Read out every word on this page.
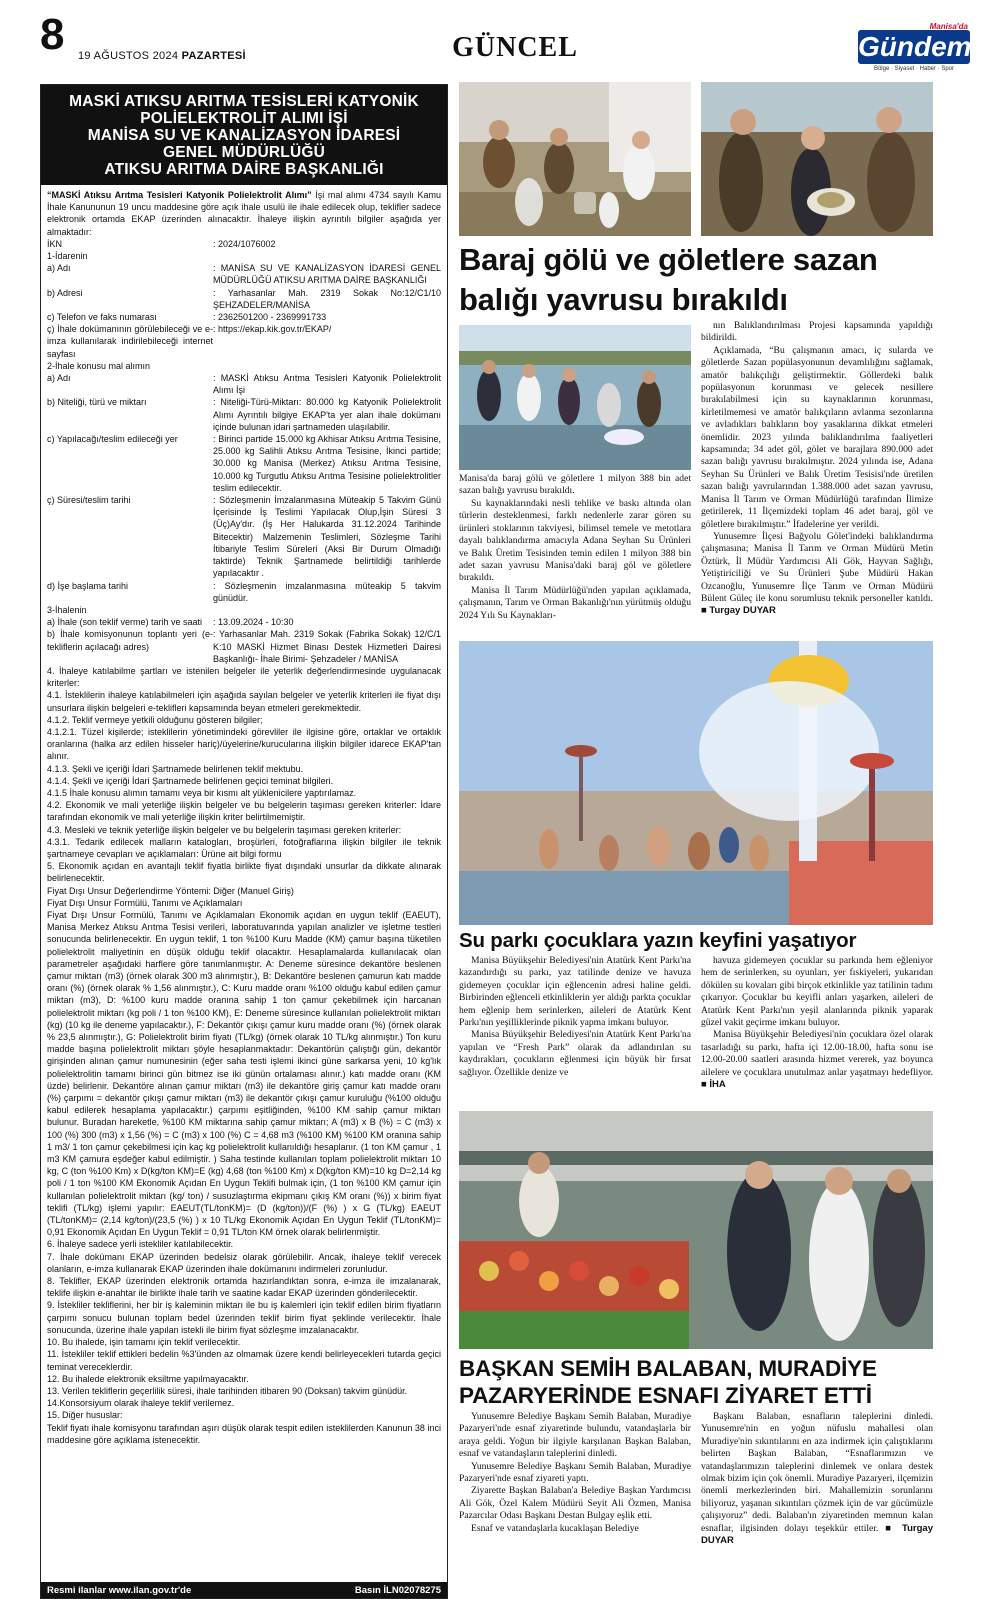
8 19 AĞUSTOS 2024 PAZARTESİ	GÜNCEL	Gündem
Manisa'da
Bölge · Siyaset · Haber · Spor
MASKİ ATIKSU ARITMA TESİSLERİ KATYONİK
POLİELEKTROLİT ALIMI İŞİ
MANİSA SU VE KANALİZASYON İDARESİ
GENEL MÜDÜRLÜĞÜ
ATIKSU ARITMA DAİRE BAŞKANLIĞI

“MASKİ Atıksu Arıtma Tesisleri Katyonik Polielektrolit Alımı” İşi mal alımı 4734 sayılı Kamu İhale Kanununun 19 uncu maddesine göre açık ihale usulü ile ihale edilecek olup, teklifler sadece elektronik ortamda EKAP üzerinden alınacaktır. İhaleye ilişkin ayrıntılı bilgiler aşağıda yer almaktadır:

İKN	: 2024/1076002
1-İdarenin
a) Adı	: MANİSA SU VE KANALİZASYON İDARESİ GENEL MÜDÜRLÜĞÜ ATIKSU ARITMA DAİRE BAŞKANLIĞI
b) Adresi	: Yarhasanlar Mah. 2319 Sokak No:12/C1/10 ŞEHZADELER/MANİSA
c) Telefon ve faks numarası	: 2362501200 - 2369991733
ç) İhale dokümanının görülebileceği ve e-imza kullanılarak indirilebileceği internet sayfası
: https://ekap.kik.gov.tr/EKAP/
2-İhale konusu mal alımın
a) Adı	: MASKİ Atıksu Arıtma Tesisleri Katyonik Polielektrolit Alımı İşi
b) Niteliği, türü ve miktarı	: Niteliği-Türü-Miktarı: 80.000 kg Katyonik Polielektrolit Alımı Ayrıntılı bilgiye EKAP'ta yer alan ihale dokümanı içinde bulunan idari şartnameden ulaşılabilir.
c) Yapılacağı/teslim edileceği yer	: Birinci partide 15.000 kg Akhisar Atıksu Arıtma Tesisine, 25.000 kg Salihli Atıksu Arıtma Tesisine, İkinci partide; 30.000 kg Manisa (Merkez) Atıksu Arıtma Tesisine, 10.000 kg Turgutlu Atıksu Arıtma Tesisine polielektrolitler teslim edilecektir.
ç) Süresi/teslim tarihi	: Sözleşmenin İmzalanmasına Müteakip 5 Takvim Günü İçerisinde İş Teslimi Yapılacak Olup,İşin Süresi 3 (Üç)Ay'dır. (İş Her Halukarda 31.12.2024 Tarihinde Bitecektir) Malzemenin Teslimleri, Sözleşme Tarihi İtibariyle Teslim Süreleri (Aksi Bir Durum Olmadığı taktirde) Teknik Şartnamede belirtildiği tarihlerde yapılacaktır .
d) İşe başlama tarihi	: Sözleşmenin imzalanmasına müteakip 5 takvim günüdür.
3-İhalenin
a) İhale (son teklif verme) tarih ve saati	: 13.09.2024 - 10:30
b) İhale komisyonunun toplantı yeri (e-tekliflerin açılacağı adres)
: Yarhasanlar Mah. 2319 Sokak (Fabrika Sokak) 12/C/1 K:10 MASKİ Hizmet Binası Destek Hizmetleri Dairesi Başkanlığı- İhale Birimi- Şehzadeler / MANİSA

4. İhaleye katılabilme şartları ve istenilen belgeler ile yeterlik değerlendirmesinde uygulanacak kriterler:

4.1. İsteklilerin ihaleye katılabilmeleri için aşağıda sayılan belgeler ve yeterlik kriterleri ile fiyat dışı unsurlara ilişkin belgeleri e-teklifleri kapsamında beyan etmeleri gerekmektedir.

4.1.2. Teklif vermeye yetkili olduğunu gösteren bilgiler;

4.1.2.1. Tüzel kişilerde; isteklilerin yönetimindeki görevliler ile ilgisine göre, ortaklar ve ortaklık oranlarına (halka arz edilen hisseler hariç)/üyelerine/kurucularına ilişkin bilgiler idarece EKAP'tan alınır.

4.1.3. Şekli ve içeriği İdari Şartnamede belirlenen teklif mektubu.

4.1.4. Şekli ve içeriği İdari Şartnamede belirlenen geçici teminat bilgileri.

4.1.5 İhale konusu alımın tamamı veya bir kısmı alt yüklenicilere yaptırılamaz.

4.2. Ekonomik ve mali yeterliğe ilişkin belgeler ve bu belgelerin taşıması gereken kriterler: İdare tarafından ekonomik ve mali yeterliğe ilişkin kriter belirtilmemiştir.

4.3. Mesleki ve teknik yeterliğe ilişkin belgeler ve bu belgelerin taşıması gereken kriterler:

4.3.1. Tedarik edilecek malların katalogları, broşürleri, fotoğraflarına ilişkin bilgiler ile teknik şartnameye cevapları ve açıklamaları: Ürüne ait bilgi formu

5. Ekonomik açıdan en avantajlı teklif fiyatla birlikte fiyat dışındaki unsurlar da dikkate alınarak belirlenecektir.

Fiyat Dışı Unsur Değerlendirme Yöntemi: Diğer (Manuel Giriş)

Fiyat Dışı Unsur Formülü, Tanımı ve Açıklamaları

Fiyat Dışı Unsur Formülü, Tanımı ve Açıklamaları Ekonomik açıdan en uygun teklif (EAEUT), Manisa Merkez Atıksu Arıtma Tesisi verileri, laboratuvarında yapılan analizler ve işletme testleri sonucunda belirlenecektir. En uygun teklif, 1 ton %100 Kuru Madde (KM) çamur başına tüketilen polielektrolit maliyetinin en düşük olduğu teklif olacaktır. Hesaplamalarda kullanılacak olan parametreler aşağıdaki harflere göre tanımlanmıştır. A: Deneme süresince dekantöre beslenen çamur miktarı (m3) (örnek olarak 300 m3 alınmıştır.), B: Dekantöre beslenen çamurun katı madde oranı (%) (örnek olarak % 1,56 alınmıştır.), C: Kuru madde oranı %100 olduğu kabul edilen çamur miktarı (m3), D: %100 kuru madde oranına sahip 1 ton çamur çekebilmek için harcanan polielektrolit miktarı (kg poli / 1 ton %100 KM), E: Deneme süresince kullanılan polielektrolit miktarı (kg) (10 kg ile deneme yapılacaktır.), F: Dekantör çıkışı çamur kuru madde oranı (%) (örnek olarak % 23,5 alınmıştır.), G: Polielektrolit birim fiyatı (TL/kg) (örnek olarak 10 TL/kg alınmıştır.) Ton kuru madde başına polielektrolit miktarı şöyle hesaplanmaktadır: Dekantörün çalıştığı gün, dekantör girişinden alınan çamur numunesinin (eğer saha testi işlemi ikinci güne sarkarsa yeni, 10 kg'lık polielektrolitin tamamı birinci gün bitmez ise iki günün ortalaması alınır.) katı madde oranı (KM üzde) belirlenir. Dekantöre alınan çamur miktarı (m3) ile dekantöre giriş çamur katı madde oranı (%) çarpımı = dekantör çıkışı çamur miktarı (m3) ile dekantör çıkışı çamur kuruluğu (%100 olduğu kabul edilerek hesaplama yapılacaktır.) çarpımı eşitliğinden, %100 KM sahip çamur miktarı bulunur. Buradan hareketle, %100 KM miktarına sahip çamur miktarı; A (m3) x B (%) = C (m3) x 100 (%) 300 (m3) x 1,56 (%) = C (m3) x 100 (%) C = 4,68 m3 (%100 KM) %100 KM oranına sahip 1 m3/ 1 ton çamur çekebilmesi için kaç kg polielektrolit kullanıldığı hesaplanır. (1 ton KM çamur , 1 m3 KM çamura eşdeğer kabul edilmiştir. ) Saha testinde kullanılan toplam polielektrolit miktarı 10 kg, C (ton %100 Km) x D(kg/ton KM)=E (kg) 4,68 (ton %100 Km) x D(kg/ton KM)=10 kg D=2,14 kg poli / 1 ton %100 KM Ekonomik Açıdan En Uygun Teklifi bulmak için, (1 ton %100 KM çamur için kullanılan polielektrolit miktarı (kg/ ton) / susuzlaştırma ekipmanı çıkış KM oranı (%)) x birim fiyat teklifi (TL/kg) işlemi yapılır: EAEUT(TL/tonKM)= (D (kg/ton))/(F (%) ) x G (TL/kg) EAEUT (TL/tonKM)= (2,14 kg/ton)/(23,5 (%) ) x 10 TL/kg Ekonomik Açıdan En Uygun Teklif (TL/tonKM)= 0,91 Ekonomik Açıdan En Uygun Teklif = 0,91 TL/ton KM örnek olarak belirlenmiştir.

6. İhaleye sadece yerli istekliler katılabilecektir.

7. İhale dokümanı EKAP üzerinden bedelsiz olarak görülebilir. Ancak, ihaleye teklif verecek olanların, e-imza kullanarak EKAP üzerinden ihale dokümanını indirmeleri zorunludur.

8. Teklifler, EKAP üzerinden elektronik ortamda hazırlandıktan sonra, e-imza ile imzalanarak, teklife ilişkin e-anahtar ile birlikte ihale tarih ve saatine kadar EKAP üzerinden gönderilecektir.

9. İstekliler tekliflerini, her bir iş kaleminin miktarı ile bu iş kalemleri için teklif edilen birim fiyatların çarpımı sonucu bulunan toplam bedel üzerinden teklif birim fiyat şeklinde verilecektir. İhale sonucunda, üzerine ihale yapılan istekli ile birim fiyat sözleşme imzalanacaktır.

10. Bu ihalede, işin tamamı için teklif verilecektir.

11. İstekliler teklif ettikleri bedelin %3'ünden az olmamak üzere kendi belirleyecekleri tutarda geçici teminat vereceklerdir.

12. Bu ihalede elektronik eksiltme yapılmayacaktır.

13. Verilen tekliflerin geçerlilik süresi, ihale tarihinden itibaren 90 (Doksan) takvim günüdür.

14.Konsorsiyum olarak ihaleye teklif verilemez.

15. Diğer hususlar:

Teklif fiyatı ihale komisyonu tarafından aşırı düşük olarak tespit edilen isteklilerden Kanunun 38 inci maddesine göre açıklama istenecektir.

Resmi ilanlar www.ilan.gov.tr'de	Basın İLN02078275
Baraj gölü ve göletlere sazan
balığı yavrusu bırakıldı
Manisa'da baraj gölü ve göletlere 1 milyon 388 bin adet sazan balığı yavrusu bırakıldı.

Su kaynaklarındaki nesli tehlike ve baskı altında olan türlerin desteklenmesi, farklı nedenlerle zarar gören su ürünleri stoklarının takviyesi, bilimsel temele ve metotlara dayalı balıklandırma amacıyla Adana Seyhan Su Ürünleri ve Balık Üretim Tesisinden temin edilen 1 milyon 388 bin adet sazan yavrusu Manisa'daki baraj göl ve göletlere bırakıldı.

Manisa İl Tarım Müdürlüğü'nden yapılan açıklamada, çalışmanın, Tarım ve Orman Bakanlığı'nın yürütmüş olduğu 2024 Yılı Su Kaynakları-

nın Balıklandırılması Projesi kapsamında yapıldığı bildirildi.

Açıklamada, “Bu çalışmanın amacı, iç sularda ve göletlerde Sazan popülasyonunun devamlılığını sağlamak, amatör balıkçılığı geliştirmektir. Göllerdeki balık popülasyonun korunması ve gelecek nesillere bırakılabilmesi için su kaynaklarının korunması, kirletilmemesi ve amatör balıkçıların avlanma sezonlarına ve avladıkları balıkların boy yasaklarına dikkat etmeleri önemlidir. 2023 yılında balıklandırılma faaliyetleri kapsamında; 34 adet göl, gölet ve barajlara 890.000 adet sazan balığı yavrusu bırakılmıştır. 2024 yılında ise, Adana Seyhan Su Ürünleri ve Balık Üretim Tesisisi'nde üretilen sazan balığı yavrularından 1.388.000 adet sazan yavrusu, Manisa İl Tarım ve Orman Müdürlüğü tarafından İlimize getirilerek, 11 İlçemizdeki toplam 46 adet baraj, göl ve göletlere bırakılmıştır.” İfadelerine yer verildi.

Yunusemre İlçesi Bağyolu Gölet'indeki balıklandırma çalışmasına; Manisa İl Tarım ve Orman Müdürü Metin Öztürk, İl Müdür Yardımcısı Ali Gök, Hayvan Sağlığı, Yetiştiriciliği ve Su Ürünleri Şube Müdürü Hakan Ozcanoğlu, Yunusemre İlçe Tarım ve Orman Müdürü Bülent Güleç ile konu sorumlusu teknik personeller katıldı. ■ Turgay DUYAR

Su parkı çocuklara yazın keyfini yaşatıyor

Manisa Büyükşehir Belediyesi'nin Atatürk Kent Parkı'na kazandırdığı su parkı, yaz tatilinde denize ve havuza gidemeyen çocuklar için eğlencenin adresi haline geldi. Birbirinden eğlenceli etkinliklerin yer aldığı parkta çocuklar hem eğlenip hem serinlerken, aileleri de Atatürk Kent Parkı'nın yeşilliklerinde piknik yapma imkanı buluyor.

Manisa Büyükşehir Belediyesi'nin Atatürk Kent Parkı'na yapılan ve “Fresh Park” olarak da adlandırılan su kaydırakları, çocukların eğlenmesi için büyük bir fırsat sağlıyor. Özellikle denize ve

havuza gidemeyen çocuklar su parkında hem eğleniyor hem de serinlerken, su oyunları, yer fıskiyeleri, yukarıdan dökülen su kovaları gibi birçok etkinlikle yaz tatilinin tadını çıkarıyor. Çocuklar bu keyifli anları yaşarken, aileleri de Atatürk Kent Parkı'nın yeşil alanlarında piknik yaparak güzel vakit geçirme imkanı buluyor.

Manisa Büyükşehir Belediyesi'nin çocuklara özel olarak tasarladığı su parkı, hafta içi 12.00-18.00, hafta sonu ise 12.00-20.00 saatleri arasında hizmet vererek, yaz boyunca ailelere ve çocuklara unutulmaz anlar yaşatmayı hedefliyor. ■ İHA

BAŞKAN SEMİH BALABAN, MURADİYE
PAZARYERİNDE ESNAFI ZİYARET ETTİ

Yunusemre Belediye Başkanı Semih Balaban, Muradiye Pazaryeri'nde esnaf ziyaretinde bulundu, vatandaşlarla bir araya geldi. Yoğun bir ilgiyle karşılanan Başkan Balaban, esnaf ve vatandaşların taleplerini dinledi.

Yunusemre Belediye Başkanı Semih Balaban, Muradiye Pazaryeri'nde esnaf ziyareti yaptı.

Ziyarette Başkan Balaban'a Belediye Başkan Yardımcısı Ali Gök, Özel Kalem Müdürü Seyit Ali Özmen, Manisa Pazarcılar Odası Başkanı Destan Bulgay eşlik etti.

Esnaf ve vatandaşlarla kucaklaşan Belediye

Başkanı Balaban, esnafların taleplerini dinledi. Yunusemre'nin en yoğun nüfuslu mahallesi olan Muradiye'nin sıkıntılarını en aza indirmek için çalıştıklarını belirten Başkan Balaban, “Esnaflarımızın ve vatandaşlarımızın taleplerini dinlemek ve onlara destek olmak bizim için çok önemli. Muradiye Pazaryeri, ilçemizin önemli merkezlerinden biri. Mahallemizin sorunlarını biliyoruz, yaşanan sıkıntıları çözmek için de var gücümüzle çalışıyoruz” dedi. Balaban'ın ziyaretinden memnun kalan esnaflar, ilgisinden dolayı teşekkür ettiler. ■ Turgay DUYAR
